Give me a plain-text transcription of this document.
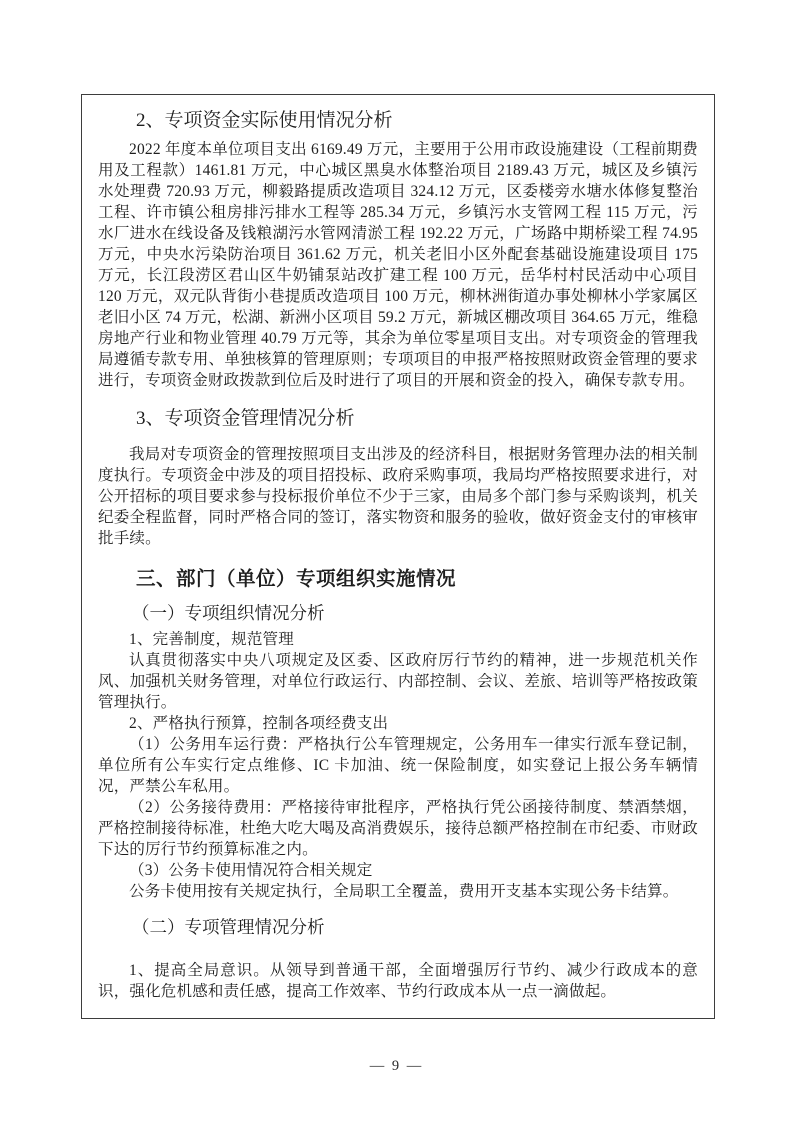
2、专项资金实际使用情况分析

2022 年度本单位项目支出 6169.49 万元，主要用于公用市政设施建设（工程前期费用及工程款）1461.81 万元，中心城区黑臭水体整治项目 2189.43 万元，城区及乡镇污水处理费 720.93 万元，柳毅路提质改造项目 324.12 万元，区委楼旁水塘水体修复整治工程、许市镇公租房排污排水工程等 285.34 万元，乡镇污水支管网工程 115 万元，污水厂进水在线设备及钱粮湖污水管网清淤工程 192.22 万元，广场路中期桥梁工程 74.95 万元，中央水污染防治项目 361.62 万元，机关老旧小区外配套基础设施建设项目 175 万元，长江段涝区君山区牛奶铺泵站改扩建工程 100 万元，岳华村村民活动中心项目 120 万元，双元队背街小巷提质改造项目 100 万元，柳林洲街道办事处柳林小学家属区老旧小区 74 万元，松湖、新洲小区项目 59.2 万元，新城区棚改项目 364.65 万元，维稳房地产行业和物业管理 40.79 万元等，其余为单位零星项目支出。对专项资金的管理我局遵循专款专用、单独核算的管理原则；专项项目的申报严格按照财政资金管理的要求进行，专项资金财政拨款到位后及时进行了项目的开展和资金的投入，确保专款专用。

3、专项资金管理情况分析

我局对专项资金的管理按照项目支出涉及的经济科目，根据财务管理办法的相关制度执行。专项资金中涉及的项目招投标、政府采购事项，我局均严格按照要求进行，对公开招标的项目要求参与投标报价单位不少于三家，由局多个部门参与采购谈判，机关纪委全程监督，同时严格合同的签订，落实物资和服务的验收，做好资金支付的审核审批手续。

三、部门（单位）专项组织实施情况
（一）专项组织情况分析

1、完善制度，规范管理

认真贯彻落实中央八项规定及区委、区政府厉行节约的精神，进一步规范机关作风、加强机关财务管理，对单位行政运行、内部控制、会议、差旅、培训等严格按政策管理执行。

2、严格执行预算，控制各项经费支出

（1）公务用车运行费：严格执行公车管理规定，公务用车一律实行派车登记制，单位所有公车实行定点维修、IC 卡加油、统一保险制度，如实登记上报公务车辆情况，严禁公车私用。

（2）公务接待费用：严格接待审批程序，严格执行凭公函接待制度、禁酒禁烟，严格控制接待标准，杜绝大吃大喝及高消费娱乐，接待总额严格控制在市纪委、市财政下达的厉行节约预算标准之内。

（3）公务卡使用情况符合相关规定

公务卡使用按有关规定执行，全局职工全覆盖，费用开支基本实现公务卡结算。

（二）专项管理情况分析

1、提高全局意识。从领导到普通干部，全面增强厉行节约、减少行政成本的意识，强化危机感和责任感，提高工作效率、节约行政成本从一点一滴做起。

— 9 —
